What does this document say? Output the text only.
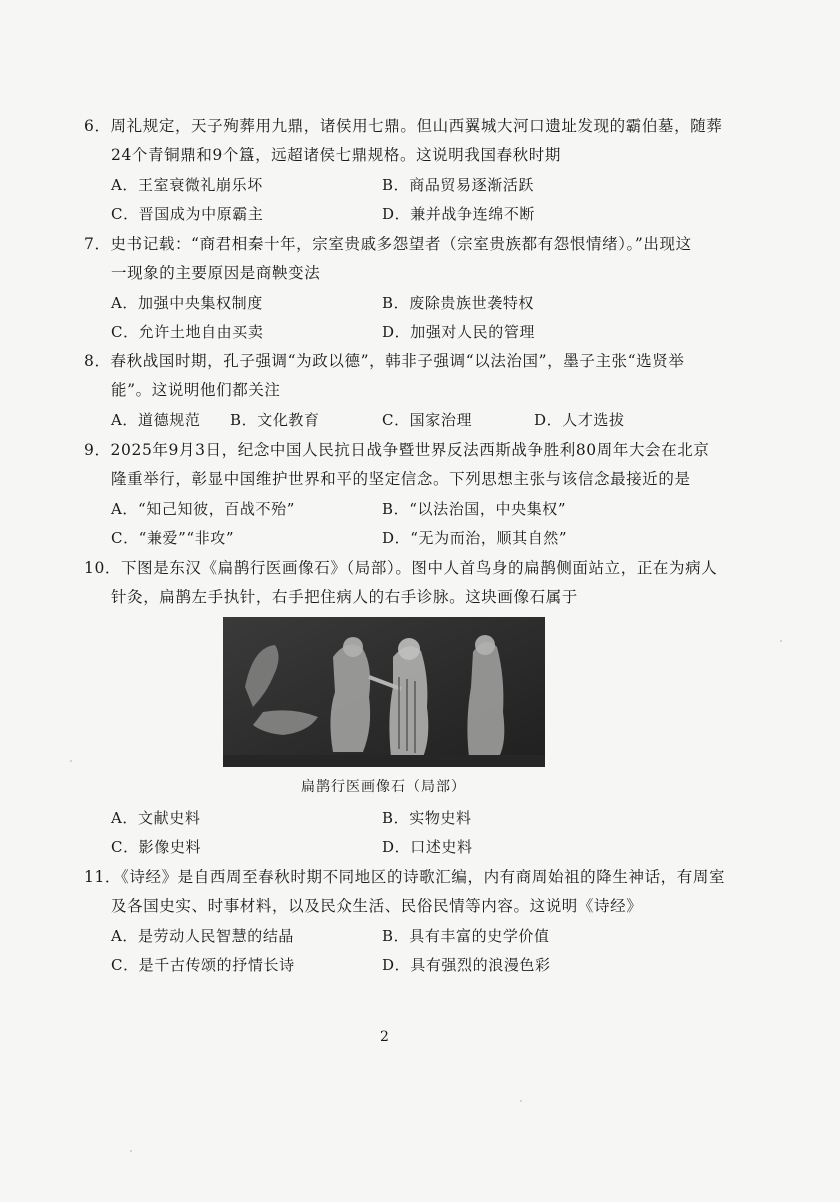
6．周礼规定，天子殉葬用九鼎，诸侯用七鼎。但山西翼城大河口遗址发现的霸伯墓，随葬
24个青铜鼎和9个簋，远超诸侯七鼎规格。这说明我国春秋时期
A．王室衰微礼崩乐坏	B．商品贸易逐渐活跃
C．晋国成为中原霸主	D．兼并战争连绵不断
7．史书记载：“商君相秦十年，宗室贵戚多怨望者（宗室贵族都有怨恨情绪）。”出现这
一现象的主要原因是商鞅变法
A．加强中央集权制度	B．废除贵族世袭特权
C．允许土地自由买卖	D．加强对人民的管理
8．春秋战国时期，孔子强调“为政以德”，韩非子强调“以法治国”，墨子主张“选贤举
能”。这说明他们都关注
A．道德规范 B．文化教育	C．国家治理	D．人才选拔
9．2025年9月3日，纪念中国人民抗日战争暨世界反法西斯战争胜利80周年大会在北京
隆重举行，彰显中国维护世界和平的坚定信念。下列思想主张与该信念最接近的是
A．“知己知彼，百战不殆”	B．“以法治国，中央集权”
C．“兼爱”“非攻”	D．“无为而治，顺其自然”
10．下图是东汉《扁鹊行医画像石》（局部）。图中人首鸟身的扁鹊侧面站立，正在为病人
针灸，扁鹊左手执针，右手把住病人的右手诊脉。这块画像石属于
扁鹊行医画像石（局部）
A．文献史料	B．实物史料
C．影像史料	D．口述史料
11．《诗经》是自西周至春秋时期不同地区的诗歌汇编，内有商周始祖的降生神话，有周室
及各国史实、时事材料，以及民众生活、民俗民情等内容。这说明《诗经》
A．是劳动人民智慧的结晶	B．具有丰富的史学价值
C．是千古传颂的抒情长诗	D．具有强烈的浪漫色彩
2
